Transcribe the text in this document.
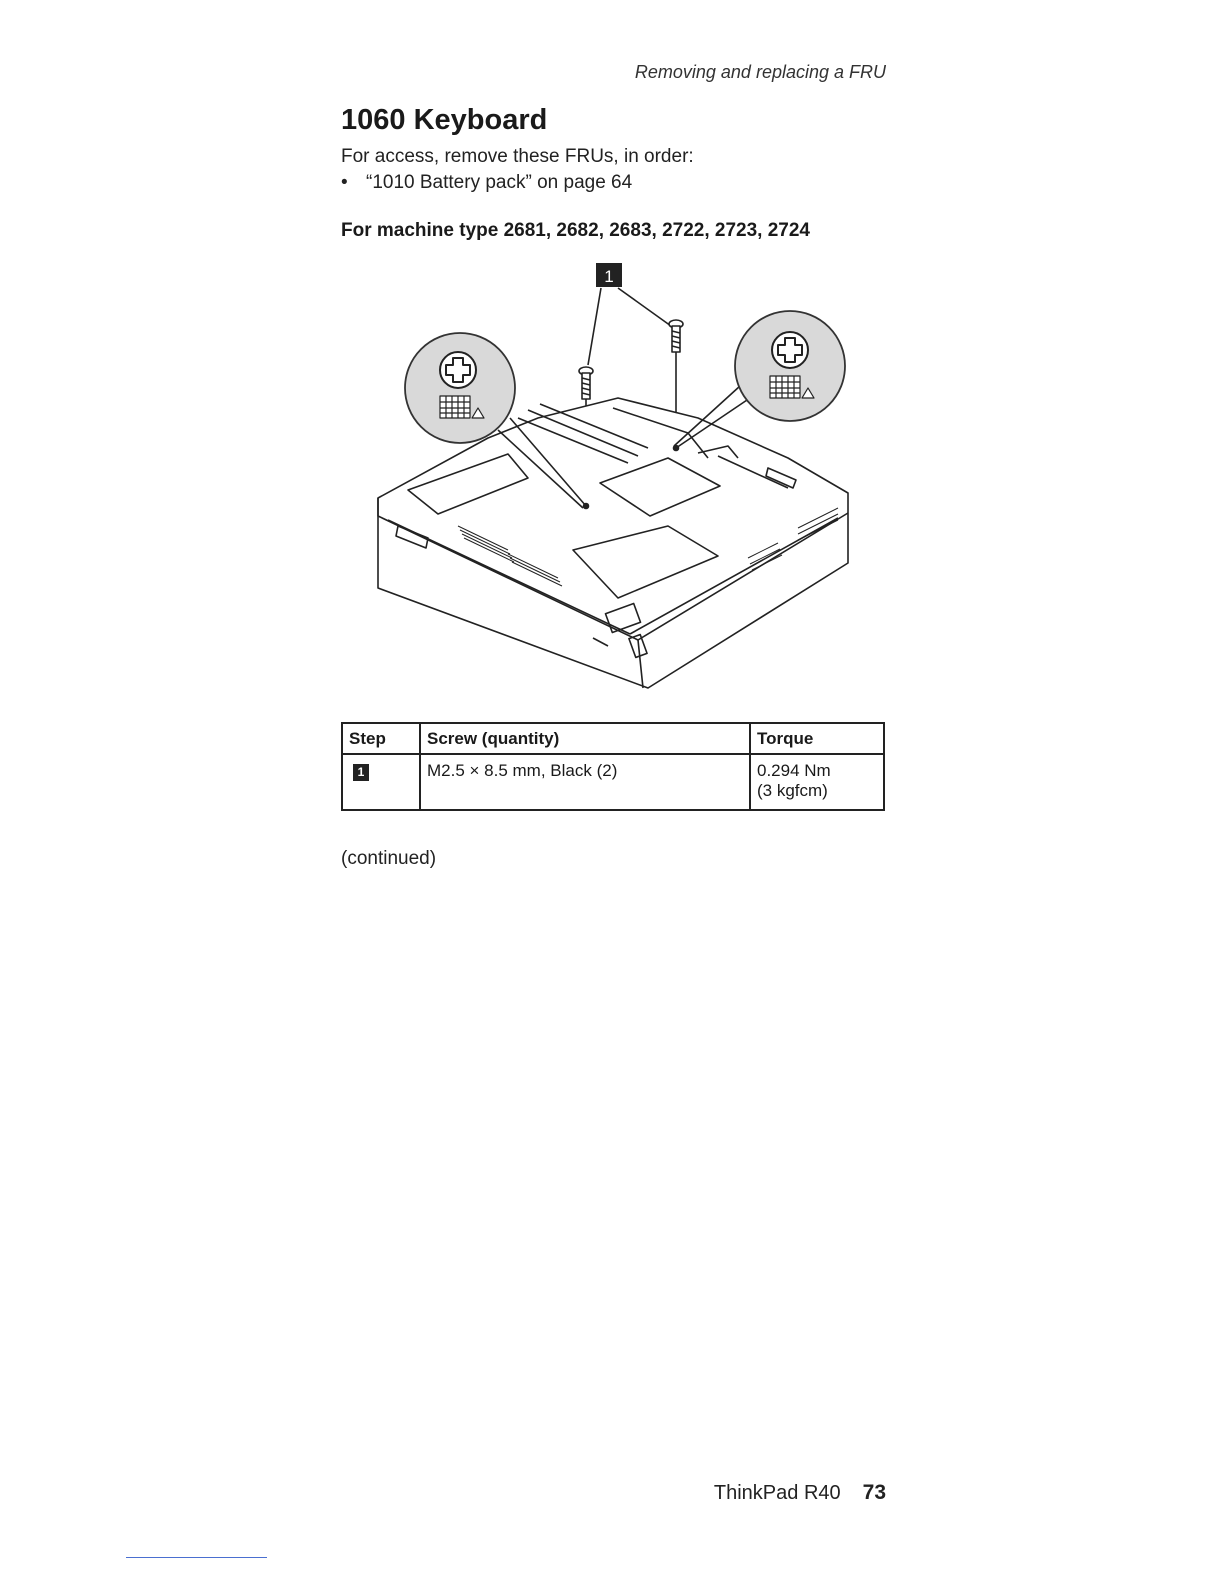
Removing and replacing a FRU
1060 Keyboard
For access, remove these FRUs, in order:
• “1010 Battery pack” on page 64
For machine type 2681, 2682, 2683, 2722, 2723, 2724
1
Step	Screw (quantity)	Torque
1	M2.5 × 8.5 mm, Black (2)	0.294 Nm
(3 kgfcm)
(continued)
ThinkPad R40 73
